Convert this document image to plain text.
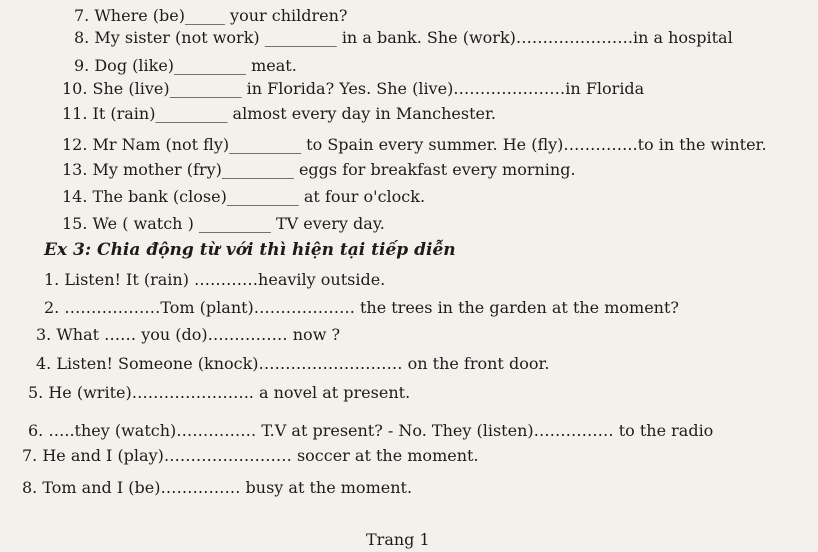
7. Where (be)_____ your children?
8. My sister (not work) _________ in a bank. She (work)………………….in a hospital
9. Dog (like)_________ meat.
10. She (live)_________ in Florida? Yes. She (live)…………………in Florida
11. It (rain)_________ almost every day in Manchester.
12. Mr Nam (not fly)_________ to Spain every summer. He (fly)…………..to in the winter.
13. My mother (fry)_________ eggs for breakfast every morning.
14. The bank (close)_________ at four o'clock.
15. We ( watch ) _________ TV every day.
Ex 3: Chia động từ với thì hiện tại tiếp diễn
1. Listen! It (rain) …………heavily outside.
2. ………………Tom (plant)………………. the trees in the garden at the moment?
3. What …… you (do)…………… now ?
4. Listen! Someone (knock)……………………… on the front door.
5. He (write)………………….. a novel at present.
6. …..they (watch)…………… T.V at present? - No. They (listen)…………… to the radio
7. He and I (play)…………………… soccer at the moment.
8. Tom and I (be)…………… busy at the moment.
Trang 1
